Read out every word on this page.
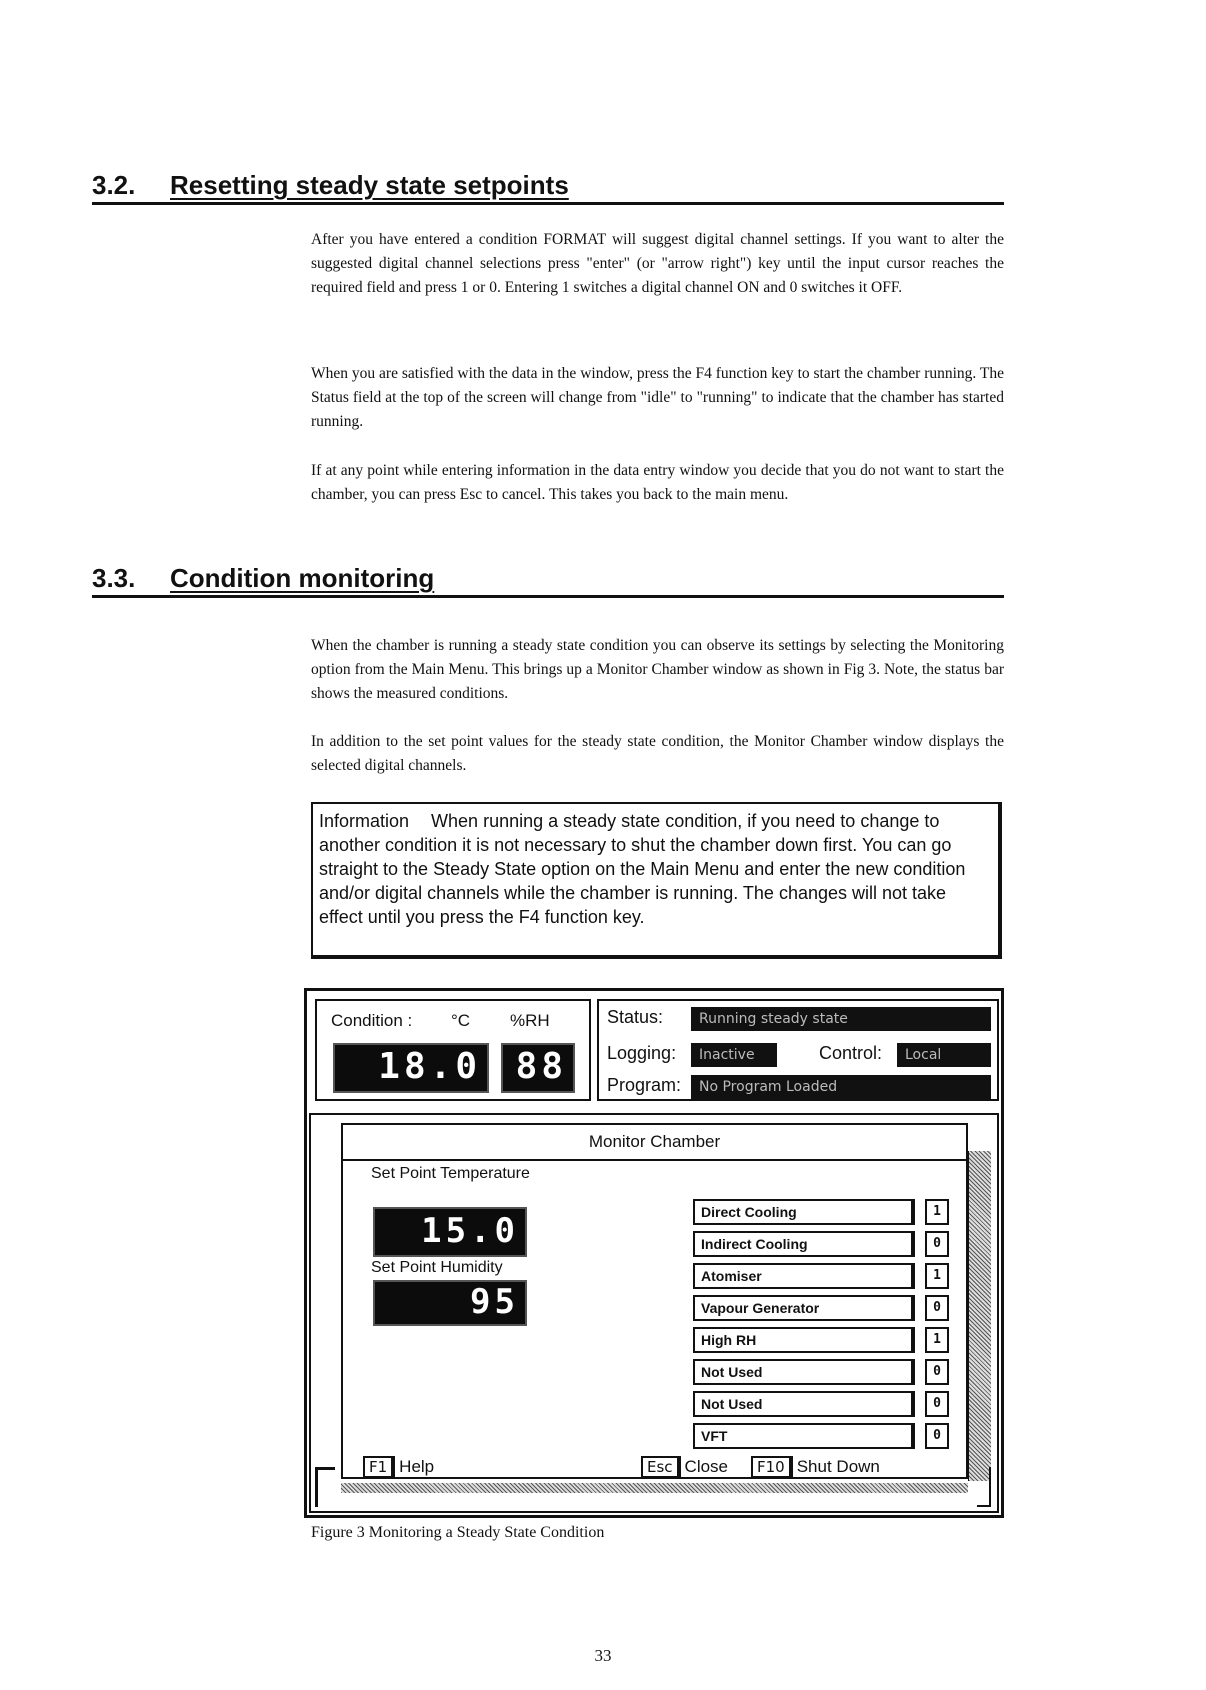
3.2. Resetting steady state setpoints

After you have entered a condition FORMAT will suggest digital channel settings. If you want to alter the suggested digital channel selections press "enter" (or "arrow right") key until the input cursor reaches the required field and press 1 or 0. Entering 1 switches a digital channel ON and 0 switches it OFF.

When you are satisfied with the data in the window, press the F4 function key to start the chamber running. The Status field at the top of the screen will change from "idle" to "running" to indicate that the chamber has started running.

If at any point while entering information in the data entry window you decide that you do not want to start the chamber, you can press Esc to cancel. This takes you back to the main menu.

3.3. Condition monitoring

When the chamber is running a steady state condition you can observe its settings by selecting the Monitoring option from the Main Menu. This brings up a Monitor Chamber window as shown in Fig 3. Note, the status bar shows the measured conditions.

In addition to the set point values for the steady state condition, the Monitor Chamber window displays the selected digital channels.

Information When running a steady state condition, if you need to change to another condition it is not necessary to shut the chamber down first. You can go straight to the Steady State option on the Main Menu and enter the new condition and/or digital channels while the chamber is running. The changes will not take effect until you press the F4 function key.
Condition : °C %RH
18.0 88
Status:	Running steady state
Logging:	Inactive	Control:	Local
Program:	No Program Loaded
Monitor Chamber
Set Point Temperature
15.0
Set Point Humidity
95
Direct Cooling	1
Indirect Cooling	0
Atomiser	1
Vapour Generator	0
High RH	1
Not Used	0
Not Used	0
VFT	0
F1 Help	Esc Close	F10 Shut Down
Figure 3 Monitoring a Steady State Condition
33
